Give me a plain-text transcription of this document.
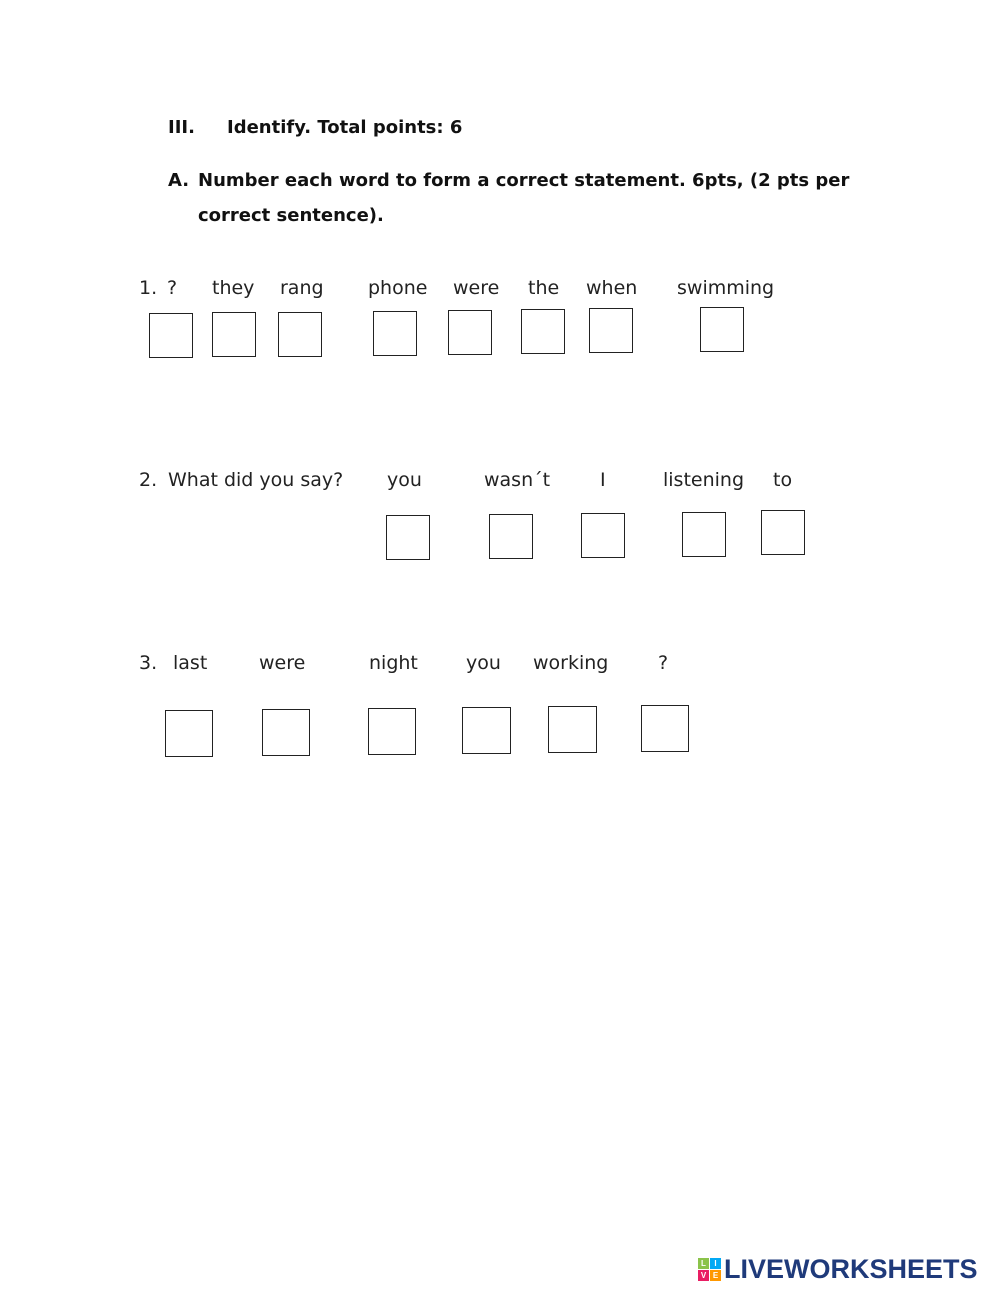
III. Identify. Total points: 6
A. Number each word to form a correct statement. 6pts, (2 pts per
correct sentence).
1. ? they rang phone were the when swimming
2. What did you say? you	wasn´t	I	listening to
3. last	were	night	you working	?
L	I
V E LIVEWORKSHEETS
